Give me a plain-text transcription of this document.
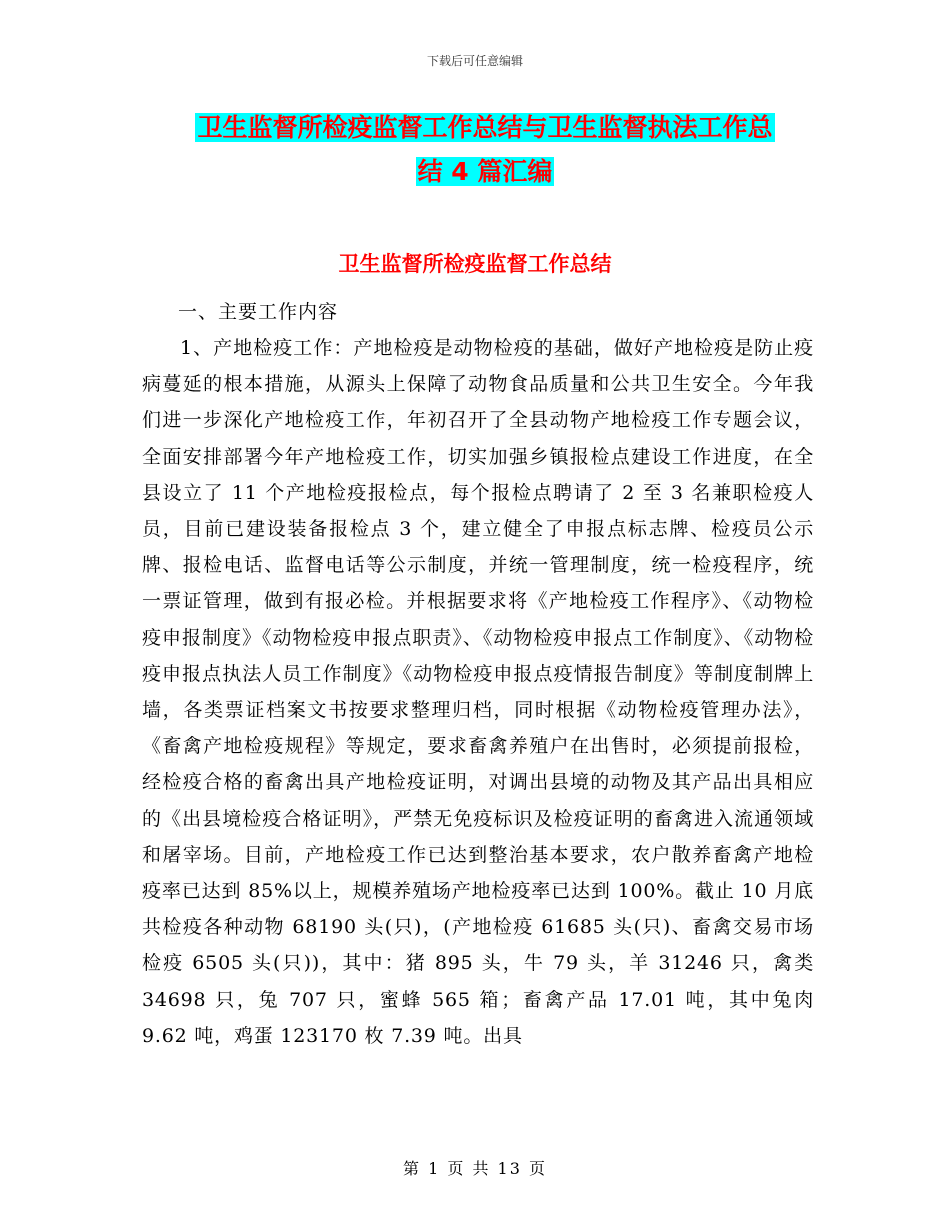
下载后可任意编辑
卫生监督所检疫监督工作总结与卫生监督执法工作总
结 4 篇汇编
卫生监督所检疫监督工作总结
一、主要工作内容

1、产地检疫工作：产地检疫是动物检疫的基础，做好产地检疫是防止疫病蔓延的根本措施，从源头上保障了动物食品质量和公共卫生安全。今年我们进一步深化产地检疫工作，年初召开了全县动物产地检疫工作专题会议，全面安排部署今年产地检疫工作，切实加强乡镇报检点建设工作进度，在全县设立了 11 个产地检疫报检点，每个报检点聘请了 2 至 3 名兼职检疫人员，目前已建设装备报检点 3 个，建立健全了申报点标志牌、检疫员公示牌、报检电话、监督电话等公示制度，并统一管理制度，统一检疫程序，统一票证管理，做到有报必检。并根据要求将《产地检疫工作程序》、《动物检疫申报制度》《动物检疫申报点职责》、《动物检疫申报点工作制度》、《动物检疫申报点执法人员工作制度》《动物检疫申报点疫情报告制度》等制度制牌上墙，各类票证档案文书按要求整理归档，同时根据《动物检疫管理办法》，《畜禽产地检疫规程》等规定，要求畜禽养殖户在出售时，必须提前报检，经检疫合格的畜禽出具产地检疫证明，对调出县境的动物及其产品出具相应的《出县境检疫合格证明》，严禁无免疫标识及检疫证明的畜禽进入流通领域和屠宰场。目前，产地检疫工作已达到整治基本要求，农户散养畜禽产地检疫率已达到 85%以上，规模养殖场产地检疫率已达到 100%。截止 10 月底共检疫各种动物 68190 头(只)，(产地检疫 61685 头(只)、畜禽交易市场检疫 6505 头(只))，其中：猪 895 头，牛 79 头，羊 31246 只，禽类 34698 只，兔 707 只，蜜蜂 565 箱；畜禽产品 17.01 吨，其中兔肉 9.62 吨，鸡蛋 123170 枚 7.39 吨。出具

第 1 页 共 13 页
